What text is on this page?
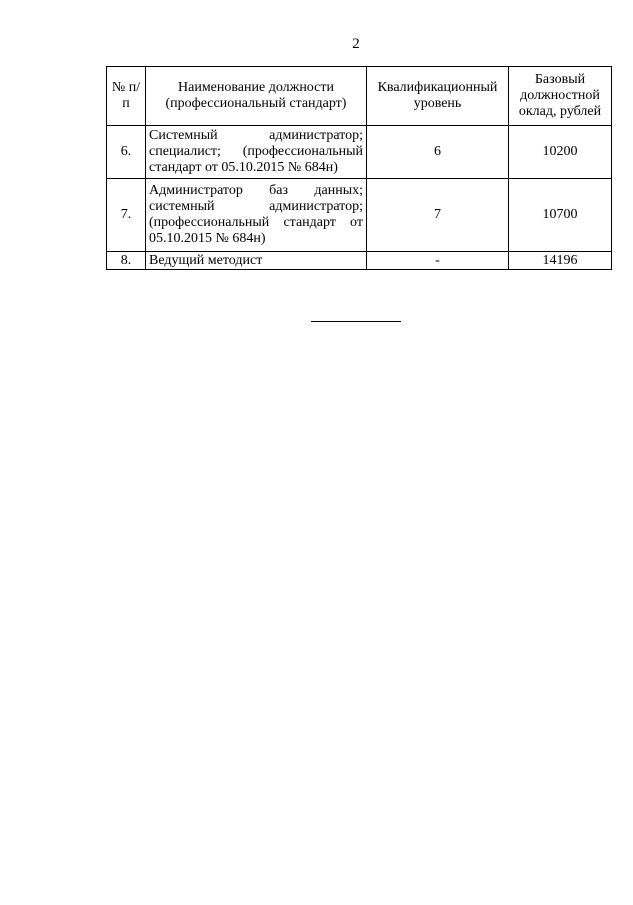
2
№ п/п	Наименование должности (профессиональный стандарт)	Квалификационный уровень	Базовый должностной оклад, рублей
6.	Системный администратор; специалист; (профессиональный стандарт от 05.10.2015 № 684н)	6	10200
7.	Администратор баз данных; системный администратор; (профессиональный стандарт от 05.10.2015 № 684н)	7	10700
8.	Ведущий методист	-	14196
